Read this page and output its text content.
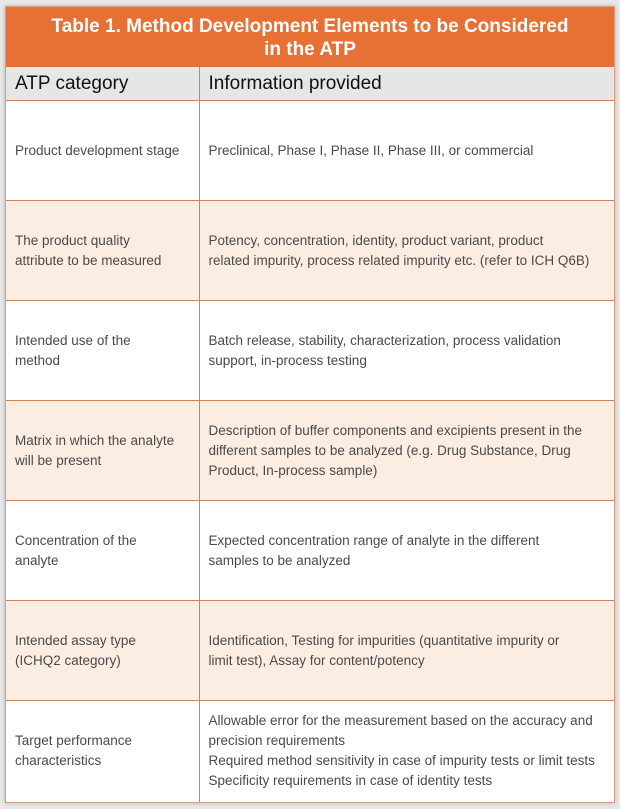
Table 1. Method Development Elements to be Considered
in the ATP
ATP category	Information provided

Product development stage	Preclinical, Phase I, Phase II, Phase III, or commercial

The product quality
attribute to be measured	Potency, concentration, identity, product variant, product
related impurity, process related impurity etc. (refer to ICH Q6B)

Intended use of the
method	Batch release, stability, characterization, process validation
support, in-process testing

Matrix in which the analyte
will be present	Description of buffer components and excipients present in the
different samples to be analyzed (e.g. Drug Substance, Drug
Product, In-process sample)

Concentration of the
analyte	Expected concentration range of analyte in the different
samples to be analyzed

Intended assay type
(ICHQ2 category)	Identification, Testing for impurities (quantitative impurity or
limit test), Assay for content/potency

Target performance
characteristics	Allowable error for the measurement based on the accuracy and
precision requirements
Required method sensitivity in case of impurity tests or limit tests
Specificity requirements in case of identity tests
